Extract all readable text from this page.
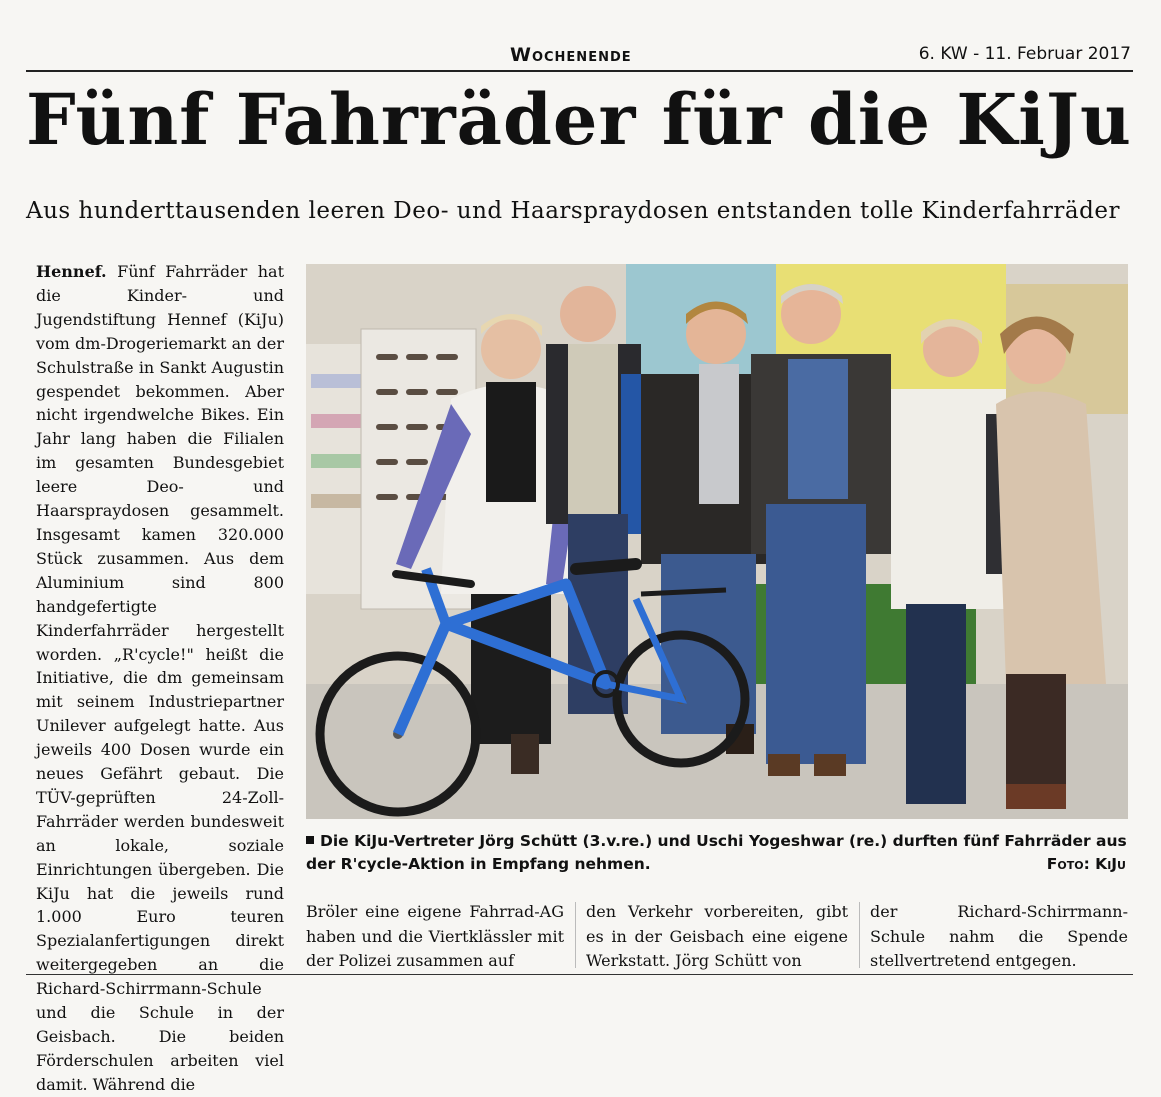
Wochenende	6. KW - 11. Februar 2017
Fünf Fahrräder für die KiJu
Aus hunderttausenden leeren Deo- und Haarspraydosen entstanden tolle Kinderfahrräder
Hennef. Fünf Fahrräder hat die Kinder- und Jugendstiftung Hennef (KiJu) vom dm-Drogeriemarkt an der Schulstraße in Sankt Augustin gespendet bekommen. Aber nicht irgendwelche Bikes. Ein Jahr lang haben die Filialen im gesamten Bundesgebiet leere Deo- und Haarspraydosen gesammelt. Insgesamt kamen 320.000 Stück zusammen. Aus dem Aluminium sind 800 handgefertigte Kinderfahrräder hergestellt worden. „R'cycle!" heißt die Initiative, die dm gemeinsam mit seinem Industriepartner Unilever aufgelegt hatte. Aus jeweils 400 Dosen wurde ein neues Gefährt gebaut. Die TÜV-geprüften 24-Zoll-Fahrräder werden bundesweit an lokale, soziale Einrichtungen übergeben. Die KiJu hat die jeweils rund 1.000 Euro teuren Spezialanfertigungen direkt weitergegeben an die Richard-Schirrmann-Schule und die Schule in der Geisbach. Die beiden Förderschulen arbeiten viel damit. Während die
Die KiJu-Vertreter Jörg Schütt (3.v.re.) und Uschi Yogeshwar (re.) durften fünf Fahrräder aus der R'cycle-Aktion in Empfang nehmen.	Foto: KiJu
Bröler eine eigene Fahrrad-AG haben und die Viertklässler mit der Polizei zusammen auf
den Verkehr vorbereiten, gibt es in der Geisbach eine eigene Werkstatt. Jörg Schütt von
der Richard-Schirrmann-Schule nahm die Spende stellvertretend entgegen.
